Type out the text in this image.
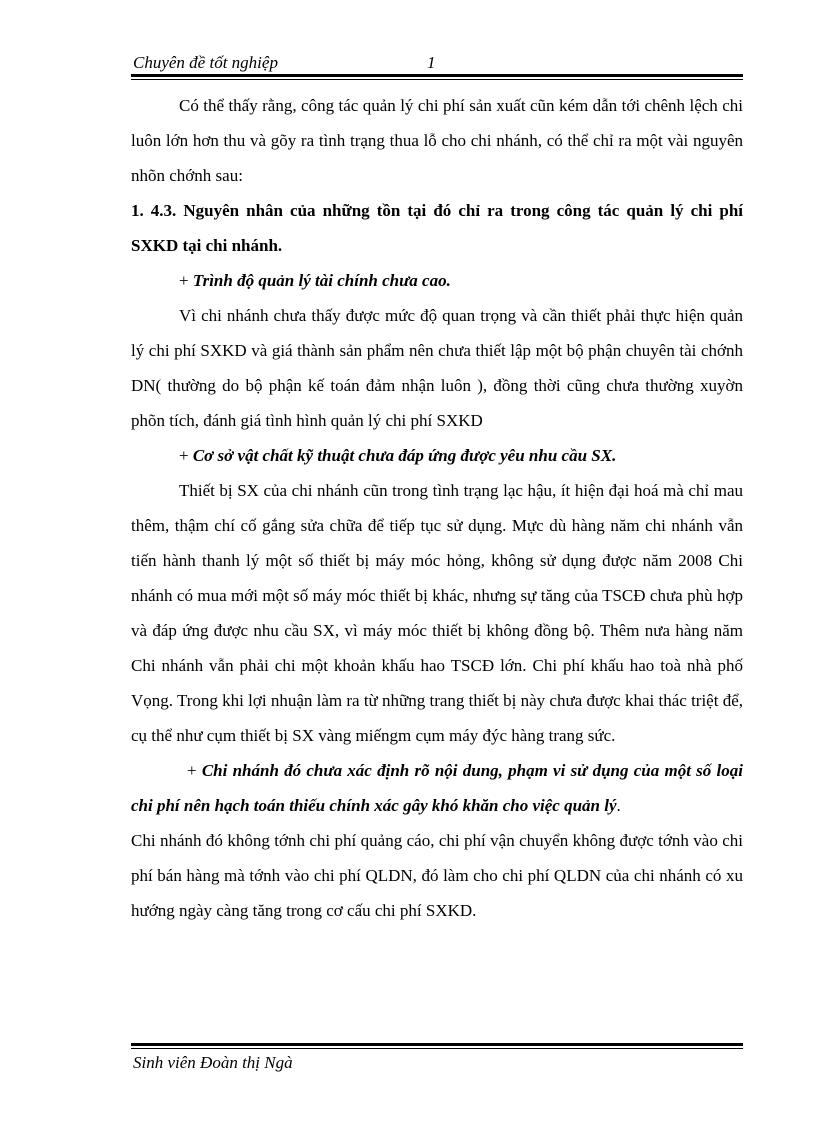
Chuyên đề tốt nghiệp	1

Có thể thấy rằng, công tác quản lý chi phí sản xuất cũn kém dẫn tới chênh lệch chi luôn lớn hơn thu và gõy ra tình trạng thua lỗ cho chi nhánh, có thể chỉ ra một vài nguyên nhõn chớnh sau:

1. 4.3. Nguyên nhân của những tồn tại đó chỉ ra trong công tác quản lý chi phí SXKD tại chi nhánh.

+ Trình độ quản lý tài chính chưa cao.

Vì chi nhánh chưa thấy được mức độ quan trọng và cần thiết phải thực hiện quản lý chi phí SXKD và giá thành sản phẩm nên chưa thiết lập một bộ phận chuyên tài chớnh DN( thường do bộ phận kế toán đảm nhận luôn ), đồng thời cũng chưa thường xuyờn phõn tích, đánh giá tình hình quản lý chi phí SXKD

+ Cơ sở vật chất kỹ thuật chưa đáp ứng được yêu nhu cầu SX.

Thiết bị SX của chi nhánh cũn trong tình trạng lạc hậu, ít hiện đại hoá mà chỉ mau thêm, thậm chí cố gắng sửa chữa để tiếp tục sử dụng. Mực dù hàng năm chi nhánh vẫn tiến hành thanh lý một số thiết bị máy móc hỏng, không sử dụng được năm 2008 Chi nhánh có mua mới một số máy móc thiết bị khác, nhưng sự tăng của TSCĐ chưa phù hợp và đáp ứng được nhu cầu SX, vì máy móc thiết bị không đồng bộ. Thêm nưa hàng năm Chi nhánh vẫn phải chi một khoản khấu hao TSCĐ lớn. Chi phí khấu hao toà nhà phố Vọng. Trong khi lợi nhuận làm ra từ những trang thiết bị này chưa được khai thác triệt để, cụ thể như cụm thiết bị SX vàng miếngm cụm máy đýc hàng trang sức.

+ Chi nhánh đó chưa xác định rõ nội dung, phạm vi sử dụng của một số loại chi phí nên hạch toán thiếu chính xác gây khó khăn cho việc quản lý.

Chi nhánh đó không tớnh chi phí quảng cáo, chi phí vận chuyển không được tớnh vào chi phí bán hàng mà tớnh vào chi phí QLDN, đó làm cho chi phí QLDN của chi nhánh có xu hướng ngày càng tăng trong cơ cấu chi phí SXKD.

Sinh viên Đoàn thị Ngà
